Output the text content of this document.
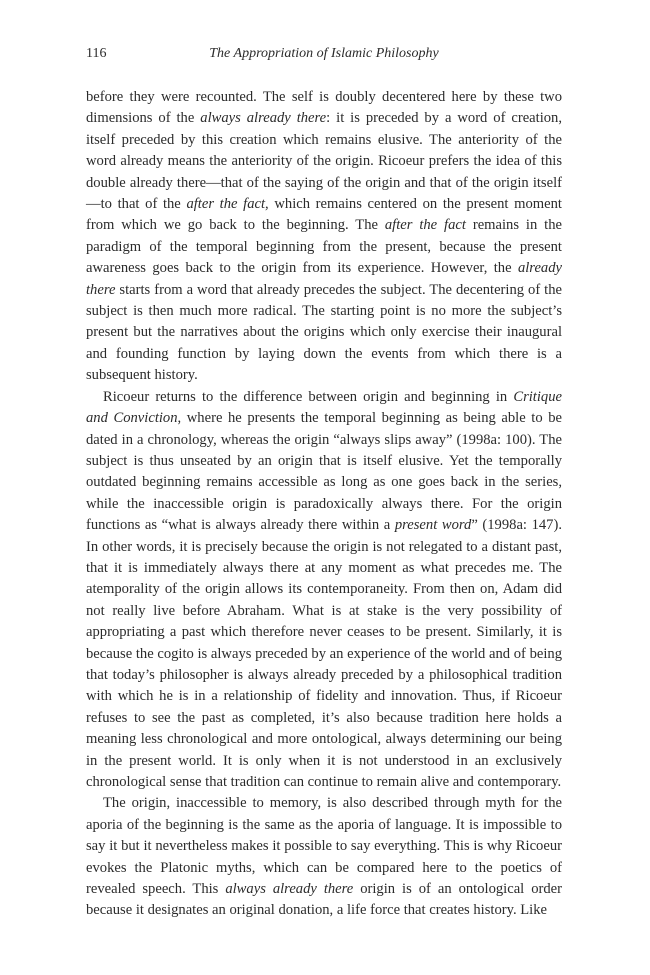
116	The Appropriation of Islamic Philosophy

before they were recounted. The self is doubly decentered here by these two dimensions of the always already there: it is preceded by a word of creation, itself preceded by this creation which remains elusive. The anteriority of the word already means the anteriority of the origin. Ricoeur prefers the idea of this double already there—that of the saying of the origin and that of the origin itself—to that of the after the fact, which remains centered on the present moment from which we go back to the beginning. The after the fact remains in the paradigm of the temporal beginning from the present, because the present awareness goes back to the origin from its experience. However, the already there starts from a word that already precedes the subject. The decentering of the subject is then much more radical. The starting point is no more the subject’s present but the narratives about the origins which only exercise their inaugural and founding function by laying down the events from which there is a subsequent history.

Ricoeur returns to the difference between origin and beginning in Critique and Conviction, where he presents the temporal beginning as being able to be dated in a chronology, whereas the origin “always slips away” (1998a: 100). The subject is thus unseated by an origin that is itself elusive. Yet the temporally outdated beginning remains accessible as long as one goes back in the series, while the inaccessible origin is paradoxically always there. For the origin functions as “what is always already there within a present word” (1998a: 147). In other words, it is precisely because the origin is not relegated to a distant past, that it is immediately always there at any moment as what precedes me. The atemporality of the origin allows its contemporaneity. From then on, Adam did not really live before Abraham. What is at stake is the very possibility of appropriating a past which therefore never ceases to be present. Similarly, it is because the cogito is always preceded by an experience of the world and of being that today’s philosopher is always already preceded by a philosophical tradition with which he is in a relationship of fidelity and innovation. Thus, if Ricoeur refuses to see the past as completed, it’s also because tradition here holds a meaning less chronological and more ontological, always determining our being in the present world. It is only when it is not understood in an exclusively chronological sense that tradition can continue to remain alive and contemporary.

The origin, inaccessible to memory, is also described through myth for the aporia of the beginning is the same as the aporia of language. It is impossible to say it but it nevertheless makes it possible to say everything. This is why Ricoeur evokes the Platonic myths, which can be compared here to the poetics of revealed speech. This always already there origin is of an ontological order because it designates an original donation, a life force that creates history. Like
